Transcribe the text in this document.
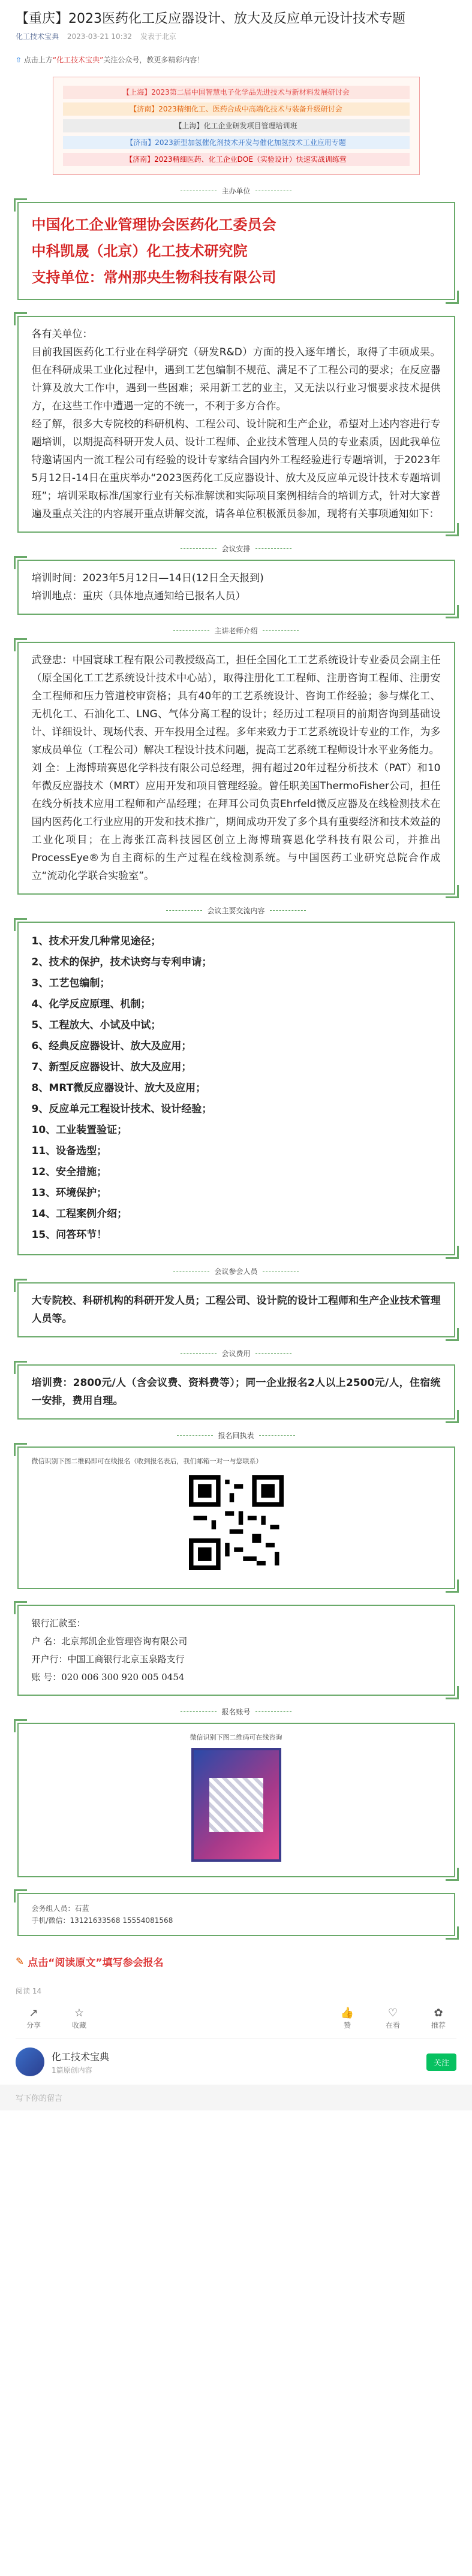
【重庆】2023医药化工反应器设计、放大及反应单元设计技术专题
化工技术宝典 2023-03-21 10:32 发表于北京
⇧ 点击上方“化工技术宝典”关注公众号，教更多精彩内容！
【上海】2023第二届中国智慧电子化学品先进技术与新材料发展研讨会
【济南】2023精细化工、医药合成中高端化技术与装备升级研讨会
【上海】化工企业研发项目管理培训班
【济南】2023新型加氢催化剂技术开发与催化加氢技术工业应用专题
【济南】2023精细医药、化工企业DOE（实验设计）快速实战训练营
主办单位
中国化工企业管理协会医药化工委员会
中科凯晟（北京）化工技术研究院
支持单位：常州那央生物科技有限公司

各有关单位：

目前我国医药化工行业在科学研究（研发R&D）方面的投入逐年增长，取得了丰硕成果。但在科研成果工业化过程中，遇到工艺包编制不规范、满足不了工程公司的要求；在反应器计算及放大工作中，遇到一些困难；采用新工艺的业主，又无法以行业习惯要求技术提供方，在这些工作中遭遇一定的不统一，不利于多方合作。

经了解，很多大专院校的科研机构、工程公司、设计院和生产企业，希望对上述内容进行专题培训，以期提高科研开发人员、设计工程师、企业技术管理人员的专业素质，因此我单位特邀请国内一流工程公司有经验的设计专家结合国内外工程经验进行专题培训，于2023年5月12日-14日在重庆举办“2023医药化工反应器设计、放大及反应单元设计技术专题培训班”；培训采取标准/国家行业有关标准解读和实际项目案例相结合的培训方式，针对大家普遍及重点关注的内容展开重点讲解交流，请各单位积极派员参加，现将有关事项通知如下：

会议安排
培训时间：2023年5月12日—14日(12日全天报到)
培训地点：重庆（具体地点通知给已报名人员）
主讲老师介绍
武登忠：中国寰球工程有限公司教授级高工，担任全国化工工艺系统设计专业委员会副主任（原全国化工工艺系统设计技术中心站），取得注册化工工程师、注册咨询工程师、注册安全工程师和压力管道校审资格；具有40年的工艺系统设计、咨询工作经验；参与煤化工、无机化工、石油化工、LNG、气体分离工程的设计；经历过工程项目的前期咨询到基础设计、详细设计、现场代表、开车投用全过程。多年来致力于工艺系统设计专业的工作，为多家成员单位（工程公司）解决工程设计技术问题，提高工艺系统工程师设计水平业务能力。
刘 全：上海博瑞赛恩化学科技有限公司总经理，拥有超过20年过程分析技术（PAT）和10年微反应器技术（MRT）应用开发和项目管理经验。曾任职美国ThermoFisher公司，担任在线分析技术应用工程师和产品经理；在拜耳公司负责Ehrfeld微反应器及在线检测技术在国内医药化工行业应用的开发和技术推广，期间成功开发了多个具有重要经济和技术效益的工业化项目；在上海张江高科技园区创立上海博瑞赛恩化学科技有限公司，并推出ProcessEye®为自主商标的生产过程在线检测系统。与中国医药工业研究总院合作成立“流动化学联合实验室”。
会议主要交流内容
1、技术开发几种常见途径；
2、技术的保护，技术诀窍与专利申请；
3、工艺包编制；
4、化学反应原理、机制；
5、工程放大、小试及中试；
6、经典反应器设计、放大及应用；
7、新型反应器设计、放大及应用；
8、MRT微反应器设计、放大及应用；
9、反应单元工程设计技术、设计经验；
10、工业装置验证；
11、设备选型；
12、安全措施；
13、环境保护；
14、工程案例介绍；
15、问答环节！
会议参会人员
大专院校、科研机构的科研开发人员；工程公司、设计院的设计工程师和生产企业技术管理人员等。
会议费用
培训费：2800元/人（含会议费、资料费等）；同一企业报名2人以上2500元/人，住宿统一安排，费用自理。
报名回执表
微信识别下图二维码即可在线报名（收到报名表后，我们邮箱一对一与您联系）
银行汇款至：
户 名：北京邦凯企业管理咨询有限公司
开户行：中国工商银行北京玉泉路支行
账 号：020 006 300 920 005 0454
报名账号
微信识别下图二维码可在线咨询
会务组人员：石蓝
手机/微信：13121633568 15554081568
✎ 点击“阅读原文”填写参会报名
阅读 14
↗
分享
☆
收藏
👍
赞
♡
在看
✿
推荐
化工技术宝典
1篇原创内容
关注
写下你的留言
